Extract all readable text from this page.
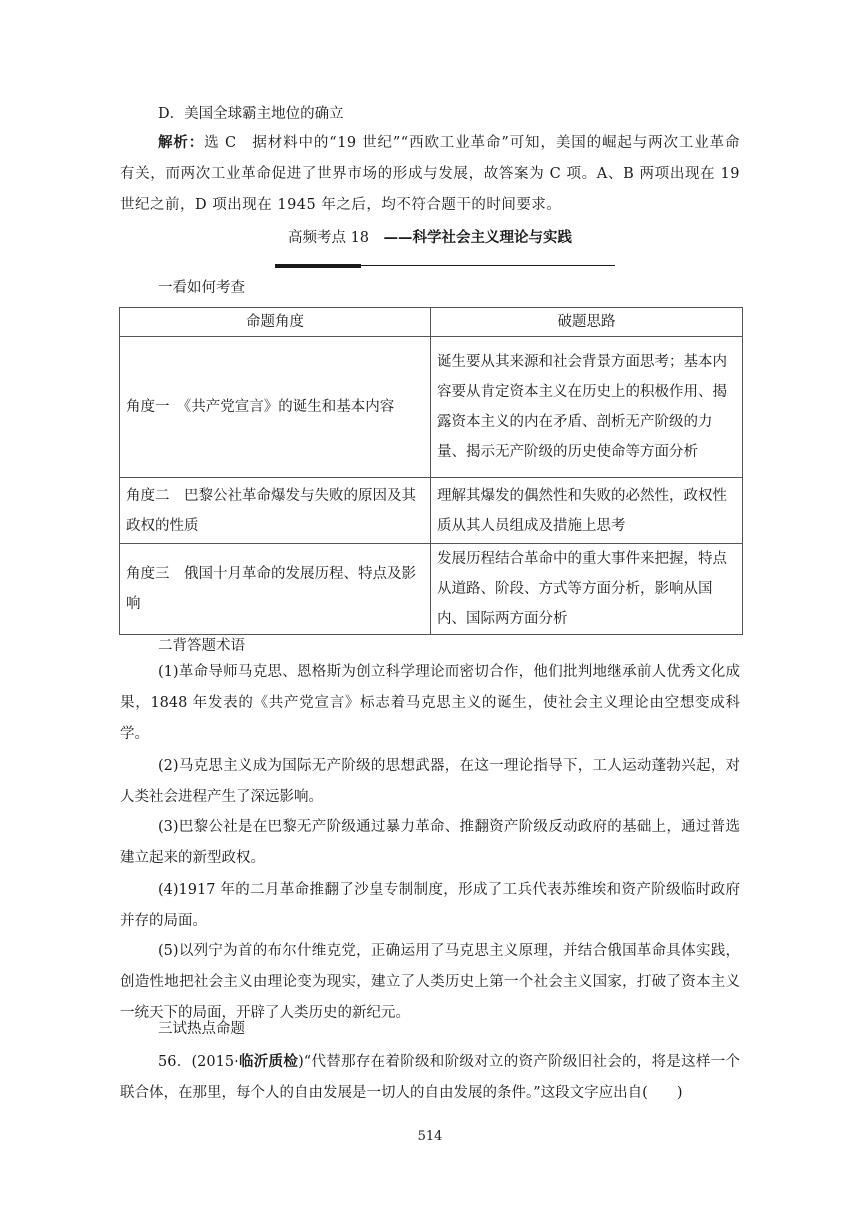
D．美国全球霸主地位的确立

解析：选 C　据材料中的“19 世纪”“西欧工业革命”可知，美国的崛起与两次工业革命有关，而两次工业革命促进了世界市场的形成与发展，故答案为 C 项。A、B 两项出现在 19 世纪之前，D 项出现在 1945 年之后，均不符合题干的时间要求。

高频考点 18　——科学社会主义理论与实践

一看如何考查

命题角度	破题思路
角度一　《共产党宣言》的诞生和基本内容	诞生要从其来源和社会背景方面思考；基本内容要从肯定资本主义在历史上的积极作用、揭露资本主义的内在矛盾、剖析无产阶级的力量、揭示无产阶级的历史使命等方面分析
角度二　巴黎公社革命爆发与失败的原因及其政权的性质	理解其爆发的偶然性和失败的必然性，政权性质从其人员组成及措施上思考
角度三　俄国十月革命的发展历程、特点及影响	发展历程结合革命中的重大事件来把握，特点从道路、阶段、方式等方面分析，影响从国内、国际两方面分析

二背答题术语

(1)革命导师马克思、恩格斯为创立科学理论而密切合作，他们批判地继承前人优秀文化成果，1848 年发表的《共产党宣言》标志着马克思主义的诞生，使社会主义理论由空想变成科学。

(2)马克思主义成为国际无产阶级的思想武器，在这一理论指导下，工人运动蓬勃兴起，对人类社会进程产生了深远影响。

(3)巴黎公社是在巴黎无产阶级通过暴力革命、推翻资产阶级反动政府的基础上，通过普选建立起来的新型政权。

(4)1917 年的二月革命推翻了沙皇专制制度，形成了工兵代表苏维埃和资产阶级临时政府并存的局面。

(5)以列宁为首的布尔什维克党，正确运用了马克思主义原理，并结合俄国革命具体实践，创造性地把社会主义由理论变为现实，建立了人类历史上第一个社会主义国家，打破了资本主义一统天下的局面，开辟了人类历史的新纪元。

三试热点命题

56．(2015·临沂质检)“代替那存在着阶级和阶级对立的资产阶级旧社会的，将是这样一个联合体，在那里，每个人的自由发展是一切人的自由发展的条件。”这段文字应出自(　　)

514
